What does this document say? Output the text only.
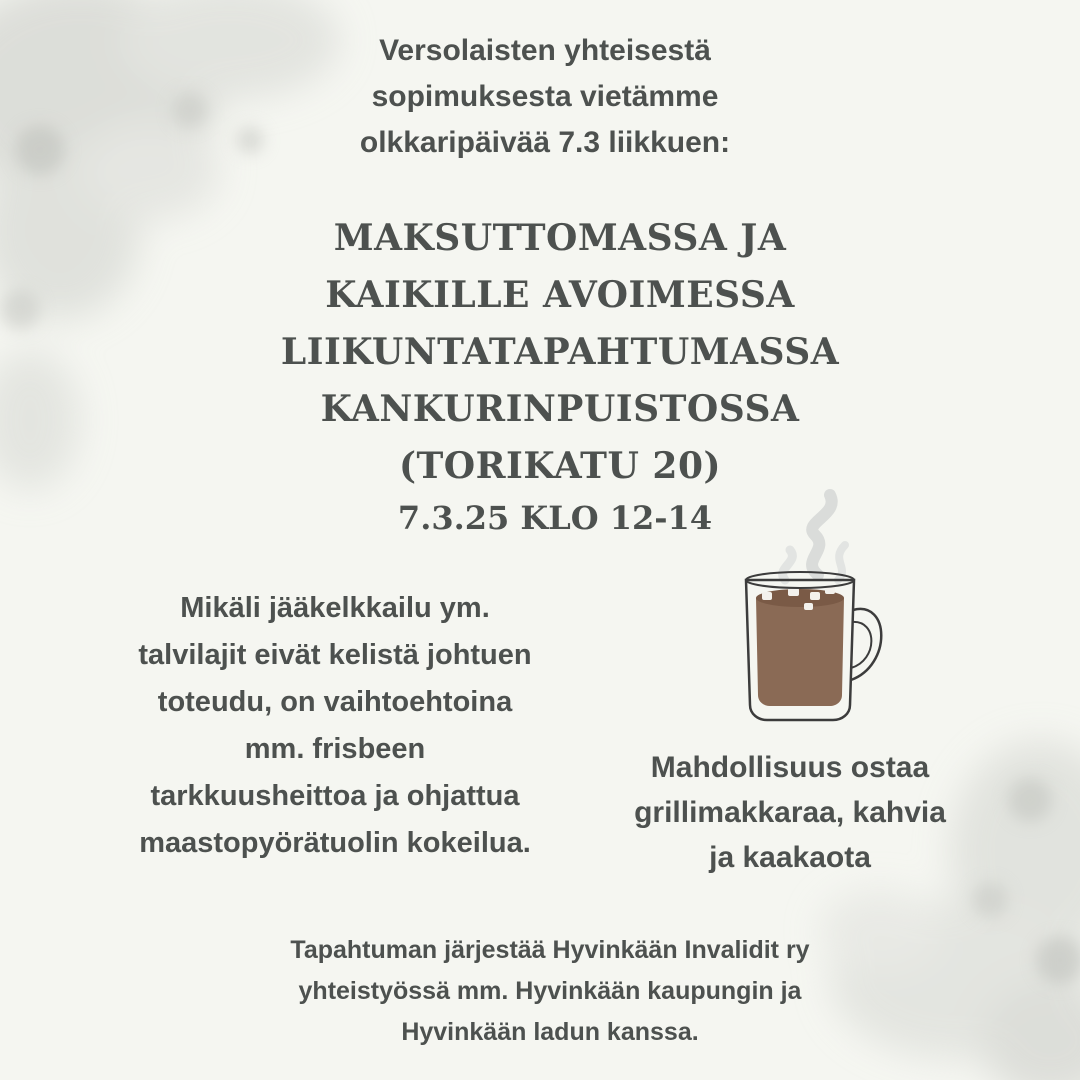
Versolaisten yhteisestä
sopimuksesta vietämme
olkkaripäivää 7.3 liikkuen:
MAKSUTTOMASSA JA
KAIKILLE AVOIMESSA
LIIKUNTATAPAHTUMASSA
KANKURINPUISTOSSA
(TORIKATU 20)
7.3.25 KLO 12-14
Mikäli jääkelkkailu ym.
talvilajit eivät kelistä johtuen
toteudu, on vaihtoehtoina
mm. frisbeen
tarkkuusheittoa ja ohjattua
maastopyörätuolin kokeilua.
Mahdollisuus ostaa
grillimakkaraa, kahvia
ja kaakaota
Tapahtuman järjestää Hyvinkään Invalidit ry
yhteistyössä mm. Hyvinkään kaupungin ja
Hyvinkään ladun kanssa.
